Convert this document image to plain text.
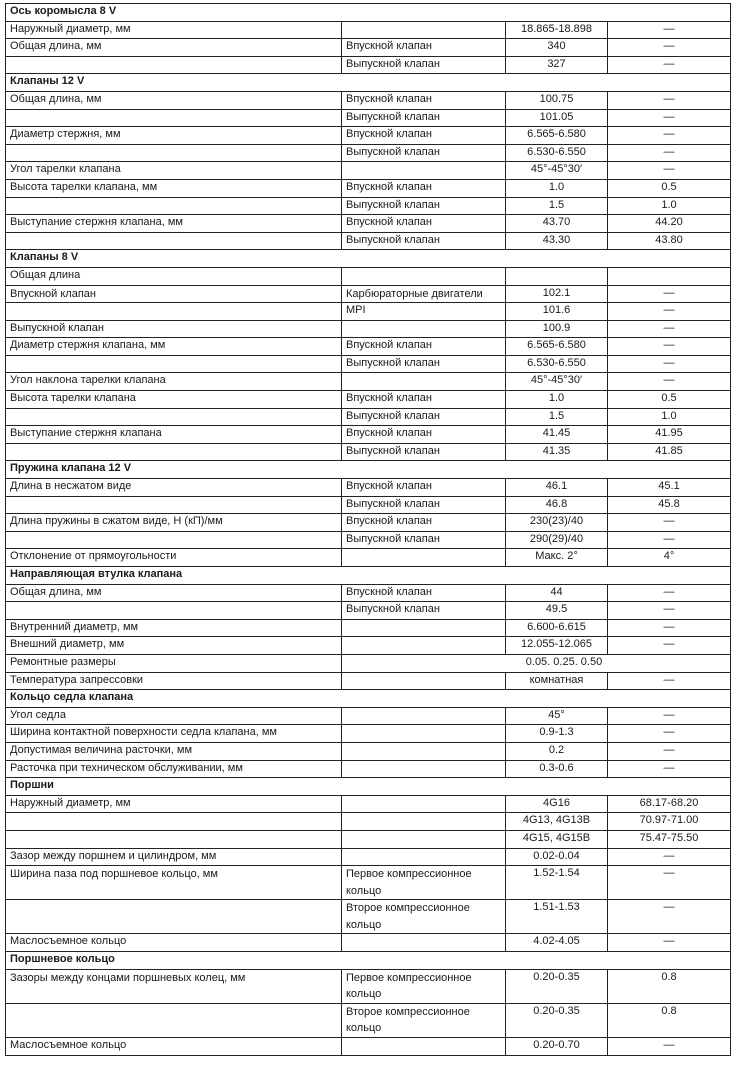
Ось коромысла 8 V			
Наружный диаметр, мм		18.865-18.898	—
Общая длина, мм	Впускной клапан	340	—
	Выпускной клапан	327	—
Клапаны 12 V			
Общая длина, мм	Впускной клапан	100.75	—
	Выпускной клапан	101.05	—
Диаметр стержня, мм	Впускной клапан	6.565-6.580	—
	Выпускной клапан	6.530-6.550	—
Угол тарелки клапана		45°-45°30′	—
Высота тарелки клапана, мм	Впускной клапан	1.0	0.5
	Выпускной клапан	1.5	1.0
Выступание стержня клапана, мм	Впускной клапан	43.70	44.20
	Выпускной клапан	43.30	43.80
Клапаны 8 V			
Общая длина			
Впускной клапан	Карбюраторные двигатели	102.1	—
	MPI	101.6	—
Выпускной клапан		100.9	—
Диаметр стержня клапана, мм	Впускной клапан	6.565-6.580	—
	Выпускной клапан	6.530-6.550	—
Угол наклона тарелки клапана		45°-45°30′	—
Высота тарелки клапана	Впускной клапан	1.0	0.5
	Выпускной клапан	1.5	1.0
Выступание стержня клапана	Впускной клапан	41.45	41.95
	Выпускной клапан	41.35	41.85
Пружина клапана 12 V			
Длина в несжатом виде	Впускной клапан	46.1	45.1
	Выпускной клапан	46.8	45.8
Длина пружины в сжатом виде, Н (кП)/мм	Впускной клапан	230(23)/40	—
	Выпускной клапан	290(29)/40	—
Отклонение от прямоугольности		Макс. 2°	4°
Направляющая втулка клапана			
Общая длина, мм	Впускной клапан	44	—
	Выпускной клапан	49.5	—
Внутренний диаметр, мм		6.600-6.615	—
Внешний диаметр, мм		12.055-12.065	—
Ремонтные размеры	0.05. 0.25. 0.50		
Температура запрессовки		комнатная	—
Кольцо седла клапана			
Угол седла		45°	—
Ширина контактной поверхности седла клапана, мм		0.9-1.3	—
Допустимая величина расточки, мм		0.2	—
Расточка при техническом обслуживании, мм		0.3-0.6	—
Поршни			
Наружный диаметр, мм		4G16	68.17-68.20
		4G13, 4G13B	70.97-71.00
		4G15, 4G15B	75.47-75.50
Зазор между поршнем и цилиндром, мм		0.02-0.04	—
Ширина паза под поршневое кольцо, мм	Первое компрессионное кольцо	1.52-1.54	—
	Второе компрессионное кольцо	1.51-1.53	—
Маслосъемное кольцо		4.02-4.05	—
Поршневое кольцо			
Зазоры между концами поршневых колец, мм	Первое компрессионное кольцо	0.20-0.35	0.8
	Второе компрессионное кольцо	0.20-0.35	0.8
Маслосъемное кольцо		0.20-0.70	—
